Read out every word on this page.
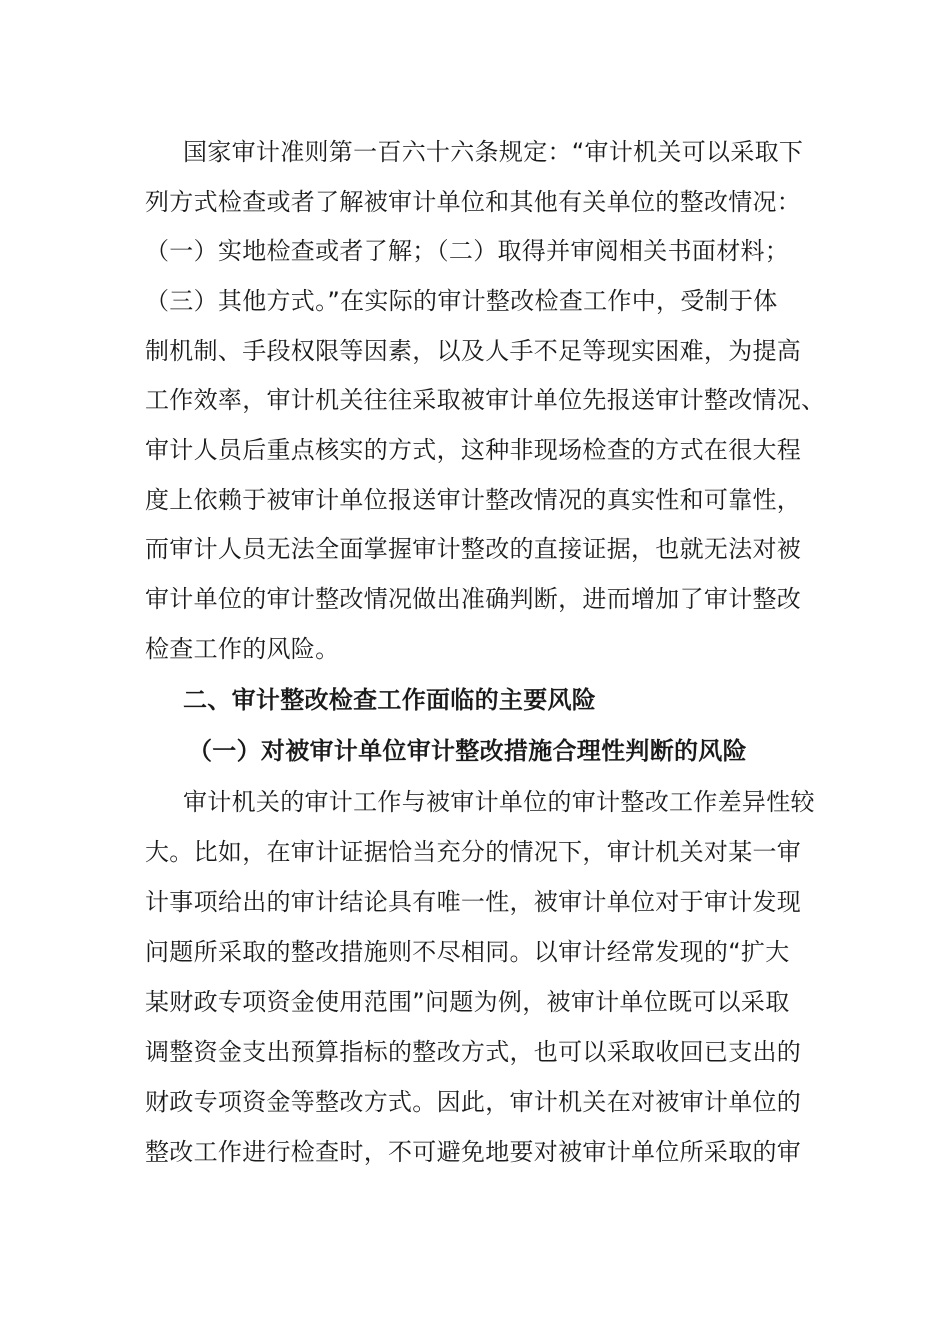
国家审计准则第一百六十六条规定：“审计机关可以采取下
列方式检查或者了解被审计单位和其他有关单位的整改情况：
（一）实地检查或者了解；（二）取得并审阅相关书面材料；
（三）其他方式。”在实际的审计整改检查工作中，受制于体
制机制、手段权限等因素，以及人手不足等现实困难，为提高
工作效率，审计机关往往采取被审计单位先报送审计整改情况、
审计人员后重点核实的方式，这种非现场检查的方式在很大程
度上依赖于被审计单位报送审计整改情况的真实性和可靠性，
而审计人员无法全面掌握审计整改的直接证据，也就无法对被
审计单位的审计整改情况做出准确判断，进而增加了审计整改
检查工作的风险。
二、审计整改检查工作面临的主要风险
（一）对被审计单位审计整改措施合理性判断的风险
审计机关的审计工作与被审计单位的审计整改工作差异性较
大。比如，在审计证据恰当充分的情况下，审计机关对某一审
计事项给出的审计结论具有唯一性，被审计单位对于审计发现
问题所采取的整改措施则不尽相同。以审计经常发现的“扩大
某财政专项资金使用范围”问题为例，被审计单位既可以采取
调整资金支出预算指标的整改方式，也可以采取收回已支出的
财政专项资金等整改方式。因此，审计机关在对被审计单位的
整改工作进行检查时，不可避免地要对被审计单位所采取的审
